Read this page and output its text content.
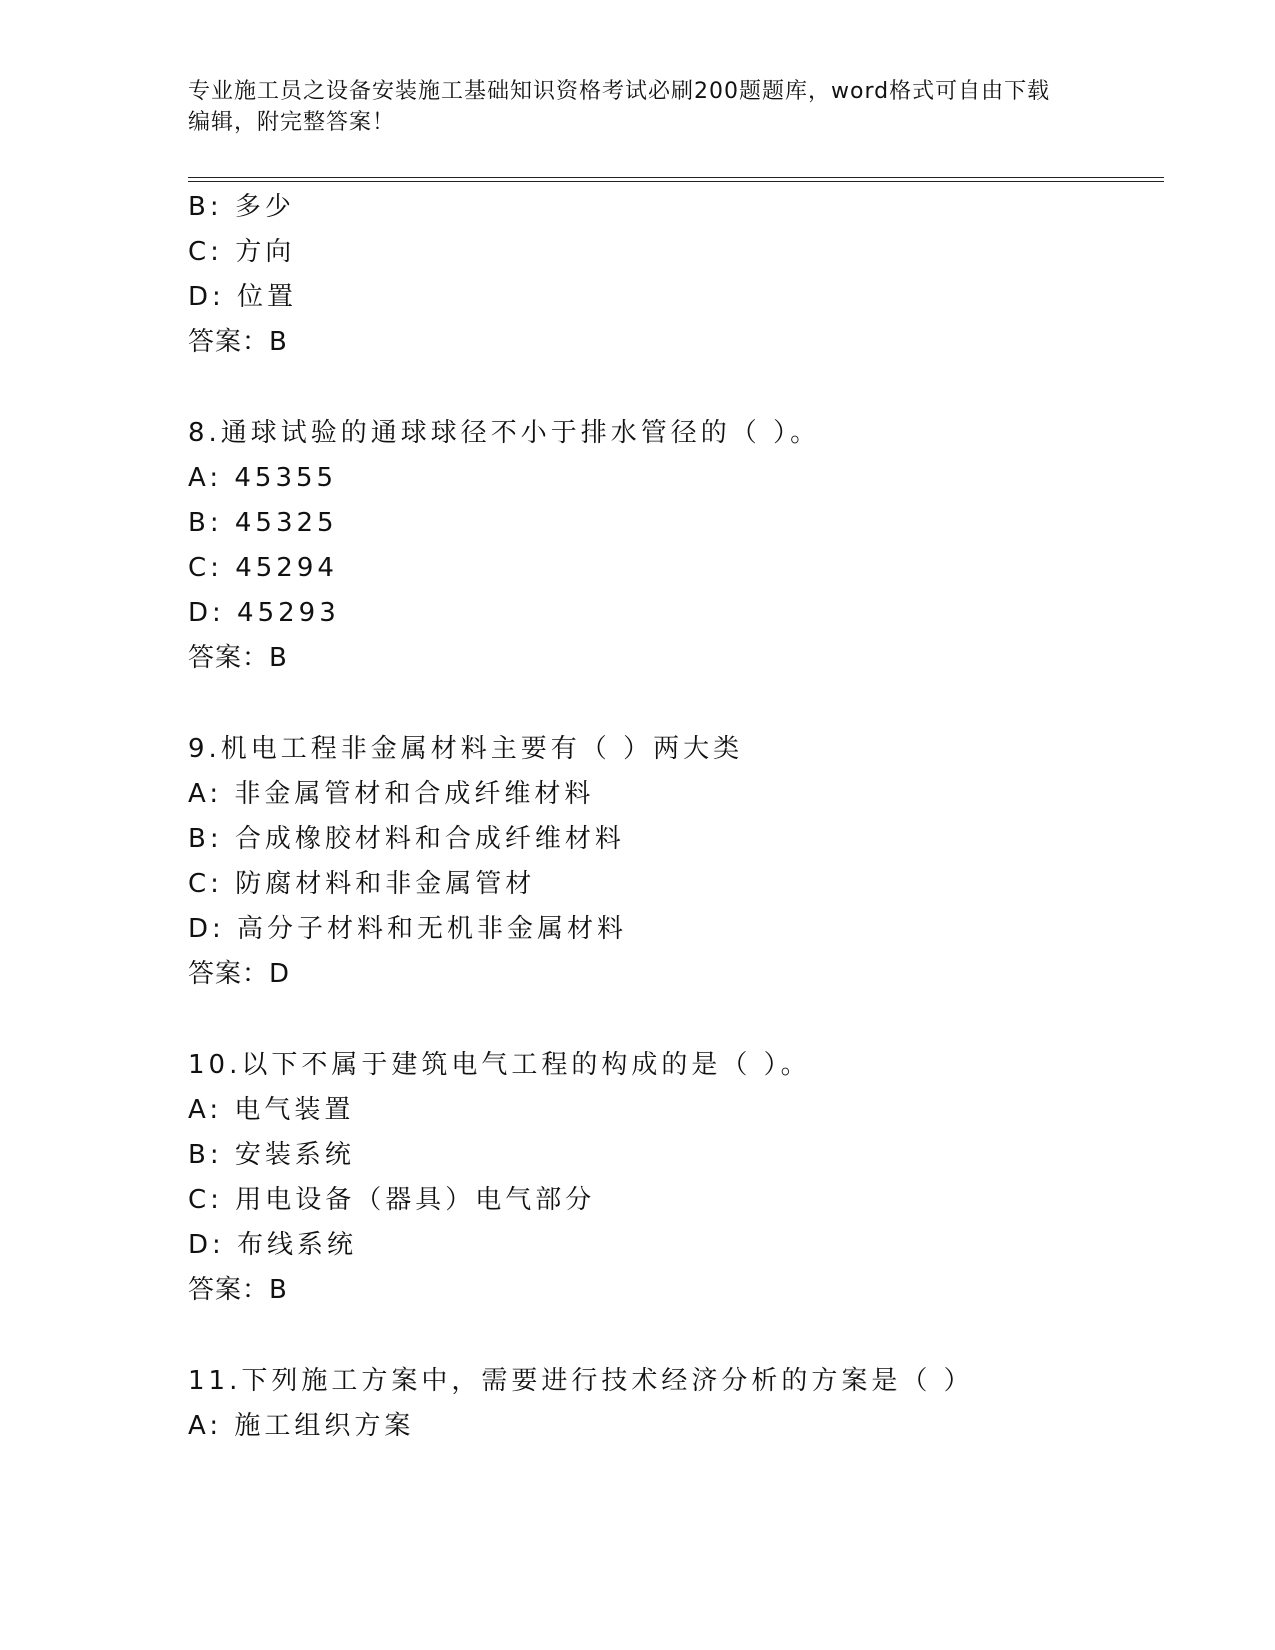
专业施工员之设备安装施工基础知识资格考试必刷200题题库，word格式可自由下载编辑，附完整答案！
B: 多少
C: 方向
D: 位置
答案：B
8.通球试验的通球球径不小于排水管径的（ ）。
A: 45355
B: 45325
C: 45294
D: 45293
答案：B
9.机电工程非金属材料主要有（ ）两大类
A: 非金属管材和合成纤维材料
B: 合成橡胶材料和合成纤维材料
C: 防腐材料和非金属管材
D: 高分子材料和无机非金属材料
答案：D
10.以下不属于建筑电气工程的构成的是（ ）。
A: 电气装置
B: 安装系统
C: 用电设备（器具）电气部分
D: 布线系统
答案：B
11.下列施工方案中，需要进行技术经济分析的方案是（ ）
A: 施工组织方案
